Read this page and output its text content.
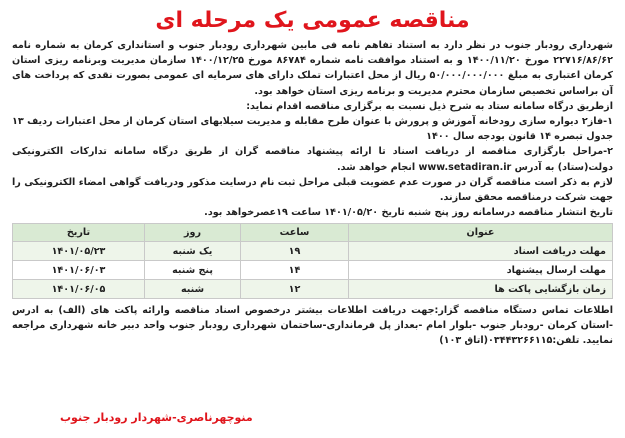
مناقصه عمومی یک مرحله ای

شهرداری رودبار جنوب در نظر دارد به استناد تفاهم نامه فی مابین شهرداری رودبار جنوب و استانداری کرمان به شماره نامه ۲۲۷۱۶/۸۶/۶۲ مورخ ۱۴۰۰/۱۱/۲۰ و به استناد موافقت نامه شماره ۸۶۷۸۴ مورخ ۱۴۰۰/۱۲/۲۵ سازمان مدیریت وبرنامه ریزی استان کرمان اعتباری به مبلغ ۵۰/۰۰۰/۰۰۰/۰۰۰ ریال از محل اعتبارات تملک دارای های سرمایه ای عمومی بصورت نقدی که پرداخت های آن براساس تخصیص سازمان محترم مدیریت و برنامه ریزی استان خواهد بود.

ازطریق درگاه سامانه ستاد به شرح ذیل نسبت به برگزاری مناقصه اقدام نماید:

۱-فاز۲ دیواره سازی رودخانه آموزش و پرورش با عنوان طرح مقابله و مدیریت سیلابهای استان کرمان از محل اعتبارات ردیف ۱۳ جدول تبصره ۱۴ قانون بودجه سال ۱۴۰۰

۲-مراحل بارگزاری مناقصه از دریافت اسناد تا ارائه پیشنهاد مناقصه گران از طریق درگاه سامانه تدارکات الکترونیکی دولت(ستاد) به آدرس www.setadiran.ir انجام خواهد شد.

لازم به ذکر است مناقصه گران در صورت عدم عضویت قبلی مراحل ثبت نام درسایت مذکور ودریافت گواهی امضاء الکترونیکی را جهت شرکت درمناقصه محقق سازند.

تاریخ انتشار مناقصه درسامانه روز پنج شنبه تاریخ ۱۴۰۱/۰۵/۲۰ ساعت ۱۹عصرخواهد بود.

عنوان	ساعت	روز	تاریخ
مهلت دریافت اسناد	۱۹	یک شنبه	۱۴۰۱/۰۵/۲۳
مهلت ارسال پیشنهاد	۱۴	پنج شنبه	۱۴۰۱/۰۶/۰۳
زمان بازگشایی پاکت ها	۱۲	شنبه	۱۴۰۱/۰۶/۰۵
اطلاعات تماس دستگاه مناقصه گزار:جهت دریافت اطلاعات بیشتر درخصوص اسناد مناقصه وارائه پاکت های (الف) به ادرس -استان کرمان -رودبار جنوب -بلوار امام -بعداز پل فرمانداری-ساختمان شهرداری رودبار جنوب واحد دبیر خانه شهرداری مراجعه نمایید. تلفن:۰۳۴۴۳۲۶۶۱۱۵(اتاق ۱۰۳)
منوچهرناصری-شهردار رودبار جنوب
